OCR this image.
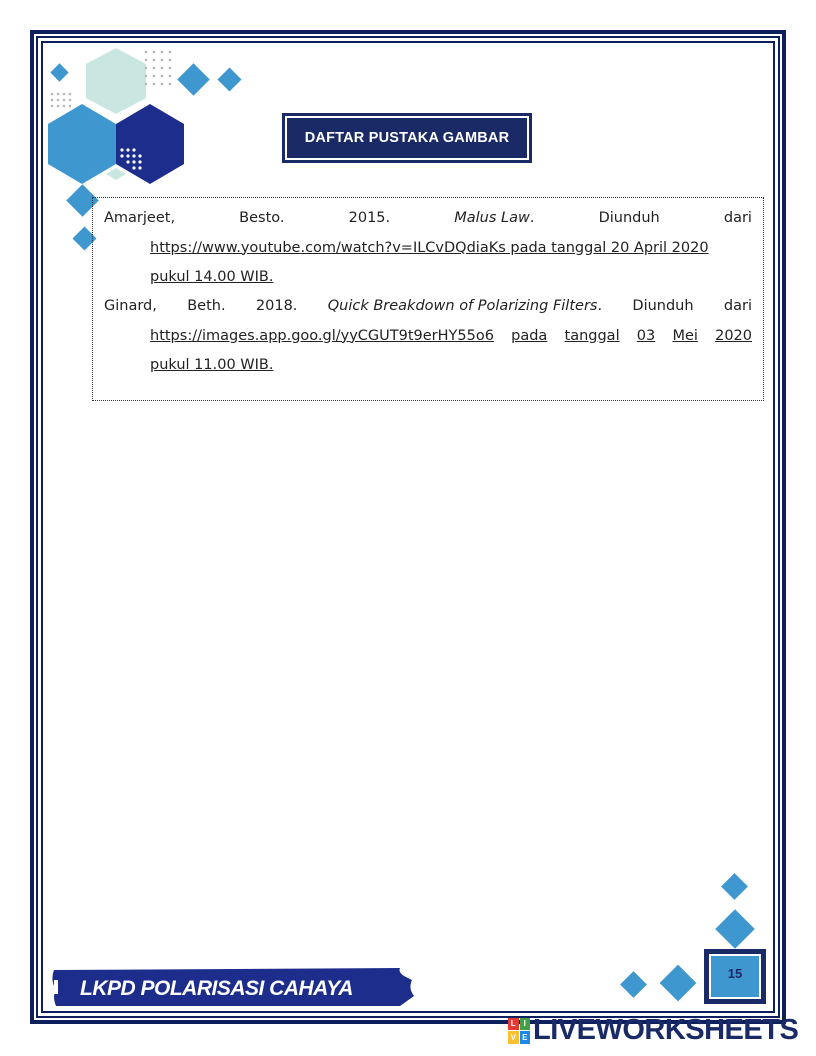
DAFTAR PUSTAKA GAMBAR
Amarjeet,	Besto.	2015.	Malus Law.	Diunduh	dari
https://www.youtube.com/watch?v=ILCvDQdiaKs pada tanggal 20 April 2020
pukul 14.00 WIB.
Ginard, Beth. 2018. Quick Breakdown of Polarizing Filters. Diunduh dari
https://images.app.goo.gl/yyCGUT9t9erHY55o6 pada tanggal 03 Mei 2020
pukul 11.00 WIB.
LKPD POLARISASI CAHAYA
15
L I
V E LIVEWORKSHEETS
